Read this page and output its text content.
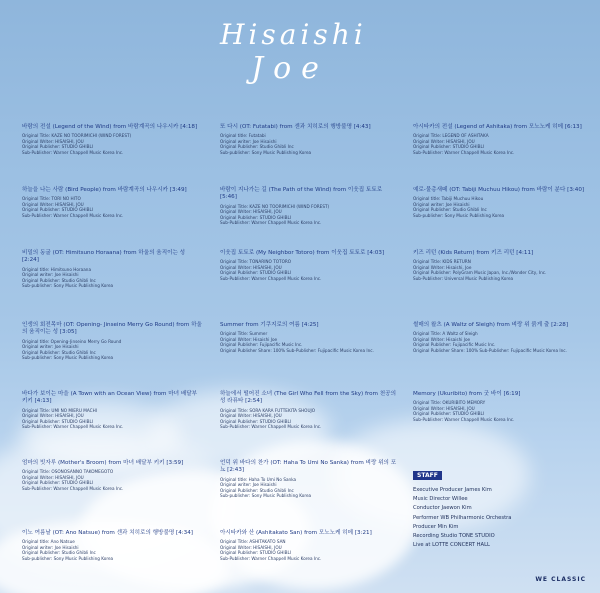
Hisaishi
Joe
바람의 전설 (Legend of the Wind) from 바람계곡의 나우시카 [4:18]
Original Title: KAZE NO TOORIMICHI (WIND FOREST)
Original Writer: HISAISHI, JOU
Original Publisher: STUDIO GHIBLI
Sub-Publisher: Warner Chappell Music Korea Inc.
하늘을 나는 사람 (Bird People) from 바람계곡의 나우시카 [3:49]
Original Title: TORI NO HITO
Original Writer: HISAISHI, JOU
Original Publisher: STUDIO GHIBLI
Sub-Publisher: Warner Chappell Music Korea Inc.
비밀의 동굴 (OT: Himitsuno Horaana) from 하울의 움직이는 성 [2:24]
Original title: Himitsuno Horaana
Original writer: Joe Hisaishi
Original Publisher: Studio Ghibli Inc
Sub-publisher: Sony Music Publishing Korea
인생의 회전목마 (OT: Opening- Jinseino Merry Go Round) from 하울의 움직이는 성 [3:05]
Original title: Opening-Jinseino Merry Go Round
Original writer: Joe Hisaishi
Original Publisher: Studio Ghibli Inc
Sub-publisher: Sony Music Publishing Korea
바다가 보이는 마을 (A Town with an Ocean View) from 마녀 배달부 키키 [4:13]
Original Title: UMI NO MIERU MACHI
Original Writer: HISAISHI, JOU
Original Publisher: STUDIO GHIBLI
Sub-Publisher: Warner Chappell Music Korea Inc.
엄마의 빗자루 (Mother's Broom) from 마녀 배달부 키키 [3:59]
Original Title: OSONOSANNO TAKOMEGOTO
Original Writer: HISAISHI, JOU
Original Publisher: STUDIO GHIBLI
Sub-Publisher: Warner Chappell Music Korea Inc.
이노 여름날 (OT: Ano Natsue) from 센과 치히로의 행방불명 [4:34]
Original title: Ano Natsue
Original writer: Joe Hisaishi
Original Publisher: Studio Ghibli Inc
Sub-publisher: Sony Music Publishing Korea
또 다시 (OT: Futatabi) from 센과 치히로의 행방불명 [4:43]
Original title: Futatabi
Original writer: Joe Hisaishi
Original Publisher: Studio Ghibli Inc
Sub-publisher: Sony Music Publishing Korea
바람이 지나가는 길 (The Path of the Wind) from 이웃집 토토로 [5:46]
Original Title: KAZE NO TOORIMICHI (WIND FOREST)
Original Writer: HISAISHI, JOU
Original Publisher: STUDIO GHIBLI
Sub-Publisher: Warner Chappell Music Korea Inc.
이웃집 토토로 (My Neighbor Totoro) from 이웃집 토토로 [4:03]
Original Title: TONARINO TOTORO
Original Writer: HISAISHI, JOU
Original Publisher: STUDIO GHIBLI
Sub-Publisher: Warner Chappell Music Korea Inc.
Summer from 기쿠지로의 여름 [4:25]
Original Title: Summer
Original Writer: Hisaishi Joe
Original Publisher: Fujipacific Music Inc.
Original Publisher Share: 100% Sub-Publisher: Fujipacific Music Korea Inc.
하늘에서 떨어진 소녀 (The Girl Who Fell from the Sky) from 천공의 성 라퓨타 [2:54]
Original Title: SORA KARA FUTTEKITA SHOUJO
Original Writer: HISAISHI, JOU
Original Publisher: STUDIO GHIBLI
Sub-Publisher: Warner Chappell Music Korea Inc.
언덕 위 바다의 찬가 (OT: Haha To Umi No Sanka) from 벼랑 위의 포뇨 [2:43]
Original title: Haha To Umi No Sanka
Original writer: Joe Hisaishi
Original Publisher: Studio Ghibli Inc
Sub-publisher: Sony Music Publishing Korea
아시타카와 산 (Ashitakato San) from 모노노케 히메 [3:21]
Original Title: ASHITAKATO SAN
Original Writer: HISAISHI, JOU
Original Publisher: STUDIO GHIBLI
Sub-Publisher: Warner Chappell Music Korea Inc.
아시타카의 전설 (Legend of Ashitaka) from 모노노케 히메 [6:13]
Original Title: LEGEND OF ASHITAKA
Original Writer: HISAISHI, JOU
Original Publisher: STUDIO GHIBLI
Sub-Publisher: Warner Chappell Music Korea Inc.
예로-물총새떼 (OT: Tabiji Muchuu Hikou) from 바람이 분다 [3:40]
Original title: Tabiji Muchuu Hikou
Original writer: Joe Hisaishi
Original Publisher: Studio Ghibli Inc
Sub-publisher: Sony Music Publishing Korea
키즈 리턴 (Kids Return) from 키즈 리턴 [4:11]
Original Title: KIDS RETURN
Original Writer: Hisaishi, Joe
Original Publisher: PolyGram Music Japan, Inc./Wonder City, Inc.
Sub-Publisher: Universal Music Publishing Korea
썰매의 왈츠 (A Waltz of Sleigh) from 벼랑 위 붉게 출 [2:28]
Original Title: A Waltz of Sleigh
Original Writer: Hisaishi Joe
Original Publisher: Fujipacific Music Inc.
Original Publisher Share: 100% Sub-Publisher: Fujipacific Music Korea Inc.
Memory (Ukuribito) from 굿 바이 [6:19]
Original Title: OKURIBITO MEMORY
Original Writer: HISAISHI, JOU
Original Publisher: STUDIO GHIBLI
Sub-Publisher: Warner Chappell Music Korea Inc.
STAFF
Executive Producer James Kim
Music Director Willee
Conductor Jaewon Kim
Performer WB Philharmonic Orchestra
Producer Min Kim
Recording Studio TONE STUDIO
Live at LOTTE CONCERT HALL
WE CLASSIC
